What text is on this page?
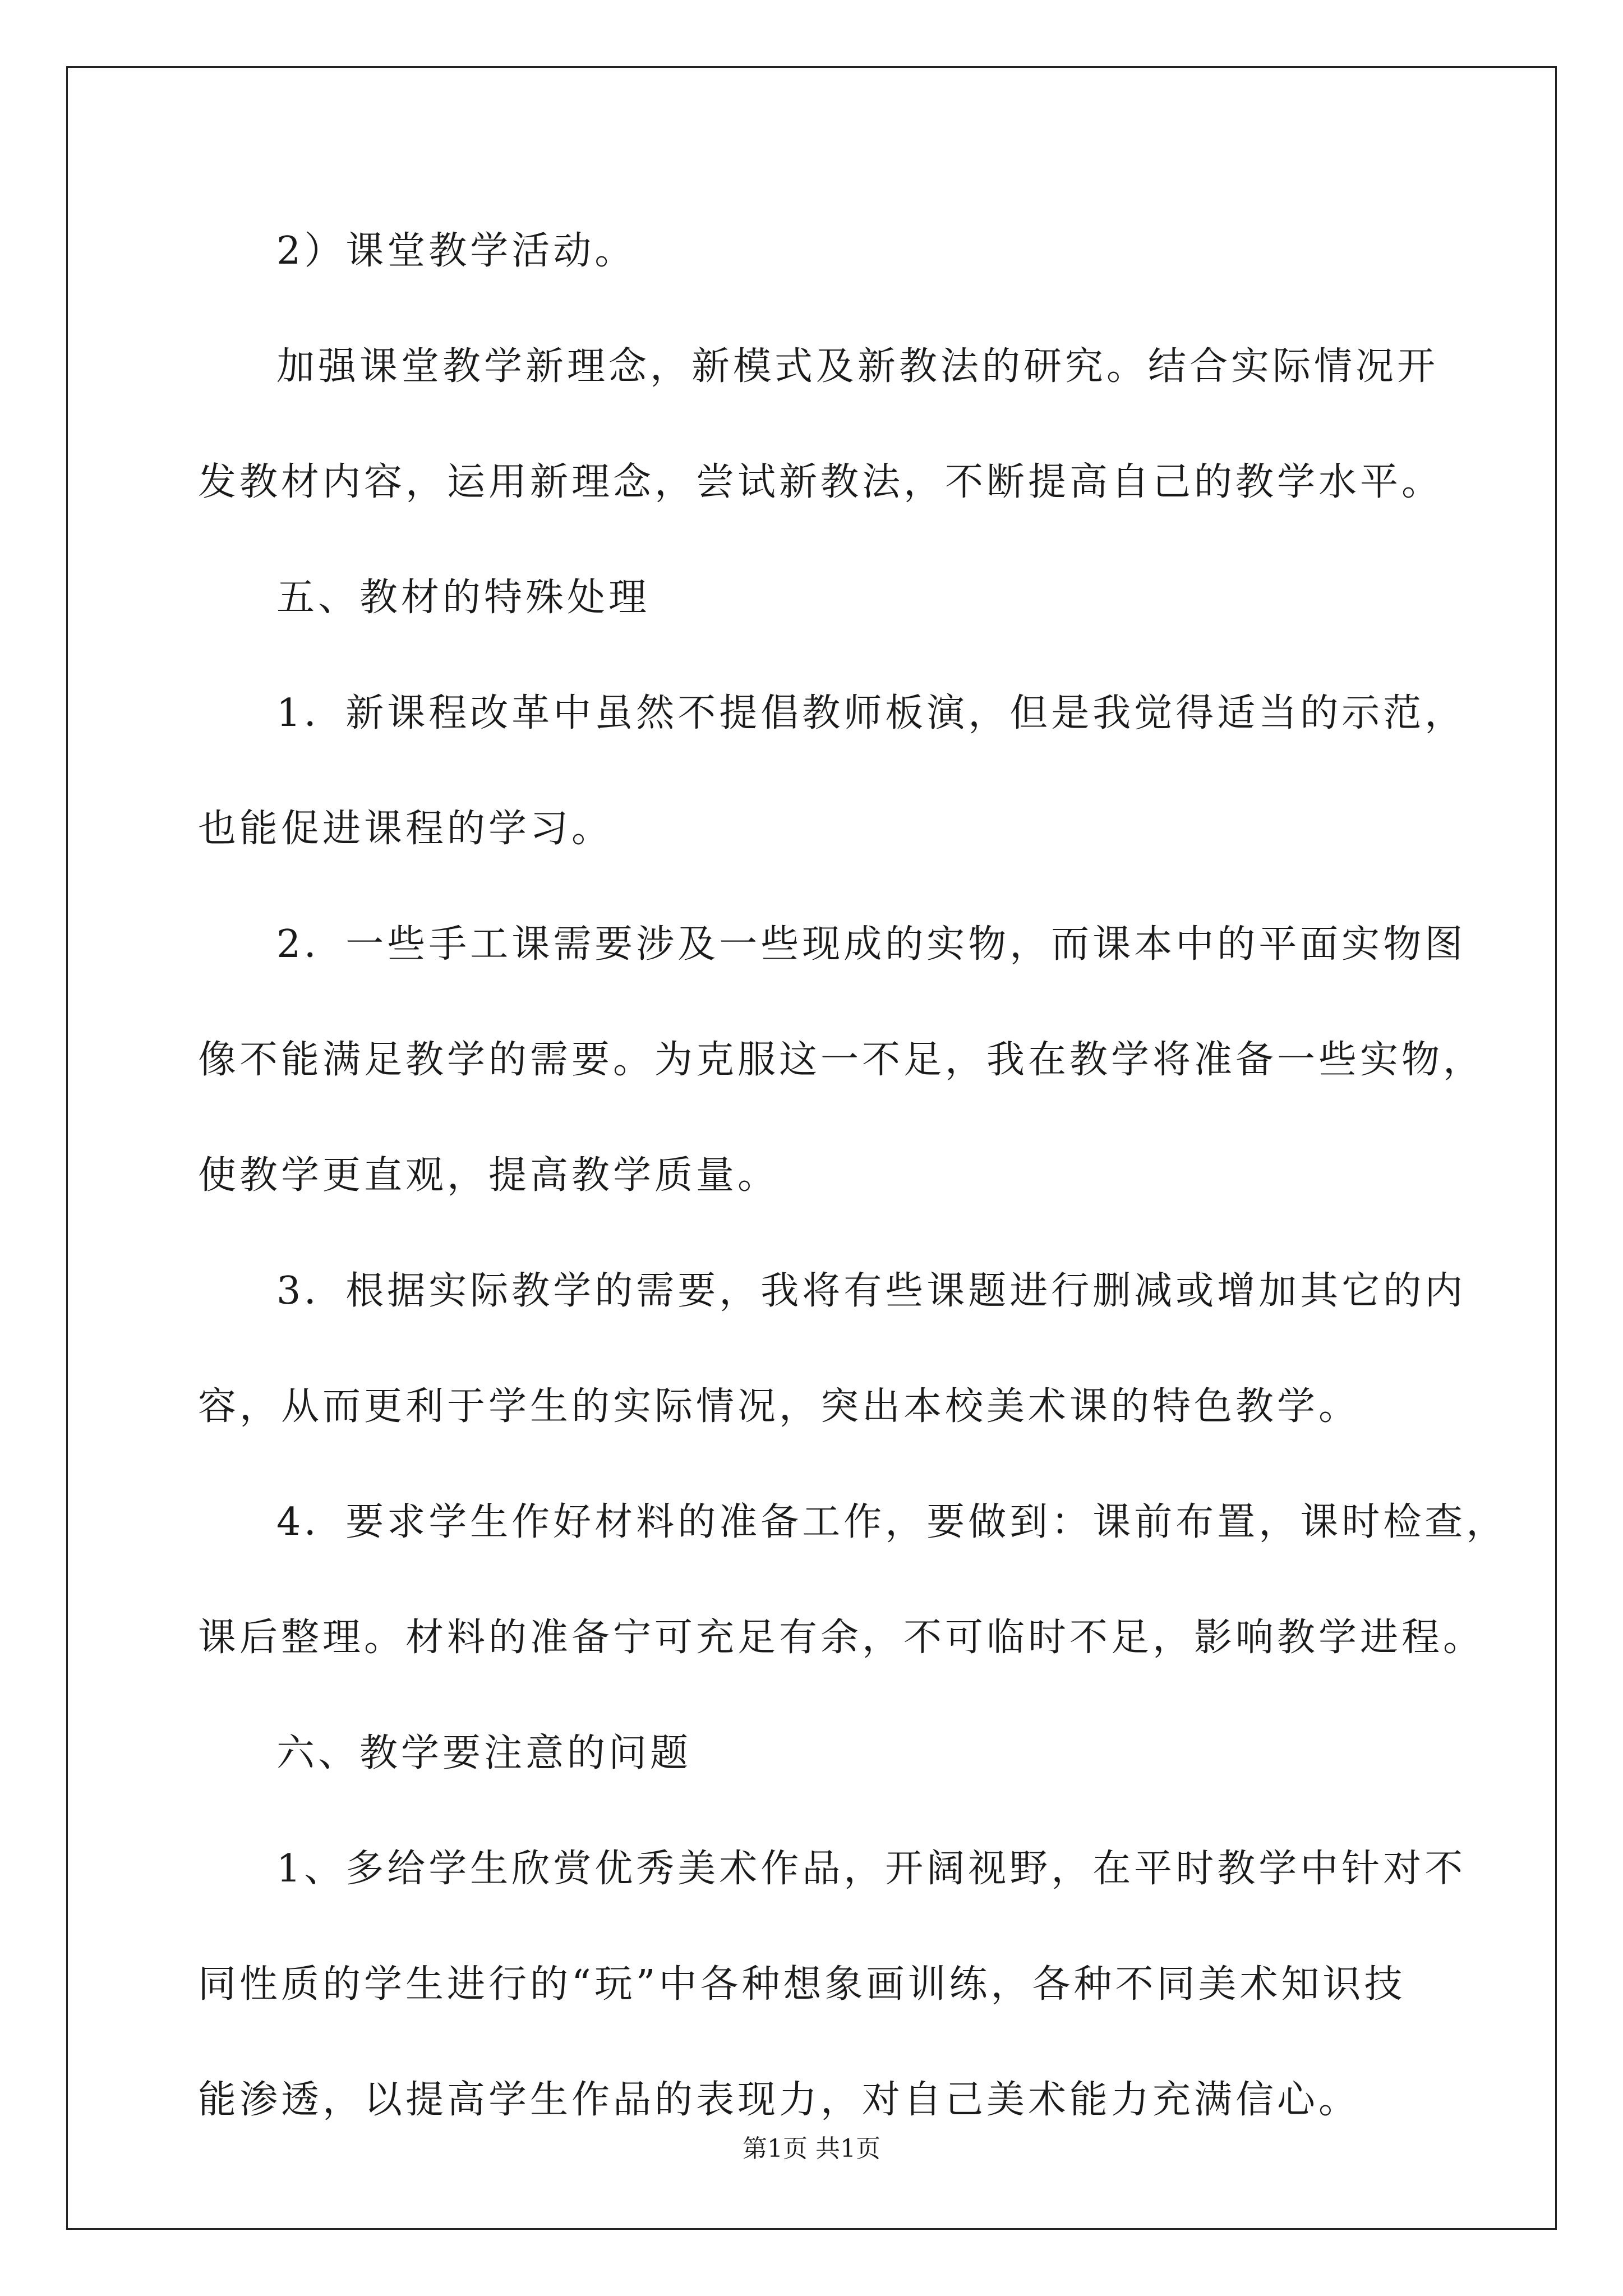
2）课堂教学活动。
加强课堂教学新理念，新模式及新教法的研究。结合实际情况开
发教材内容，运用新理念，尝试新教法，不断提高自己的教学水平。
五、教材的特殊处理
1．新课程改革中虽然不提倡教师板演，但是我觉得适当的示范，
也能促进课程的学习。
2．一些手工课需要涉及一些现成的实物，而课本中的平面实物图
像不能满足教学的需要。为克服这一不足，我在教学将准备一些实物，
使教学更直观，提高教学质量。
3．根据实际教学的需要，我将有些课题进行删减或增加其它的内
容，从而更利于学生的实际情况，突出本校美术课的特色教学。
4．要求学生作好材料的准备工作，要做到：课前布置，课时检查，
课后整理。材料的准备宁可充足有余，不可临时不足，影响教学进程。
六、教学要注意的问题
1、多给学生欣赏优秀美术作品，开阔视野，在平时教学中针对不
同性质的学生进行的“玩”中各种想象画训练，各种不同美术知识技
能渗透，以提高学生作品的表现力，对自己美术能力充满信心。
第1页 共1页
